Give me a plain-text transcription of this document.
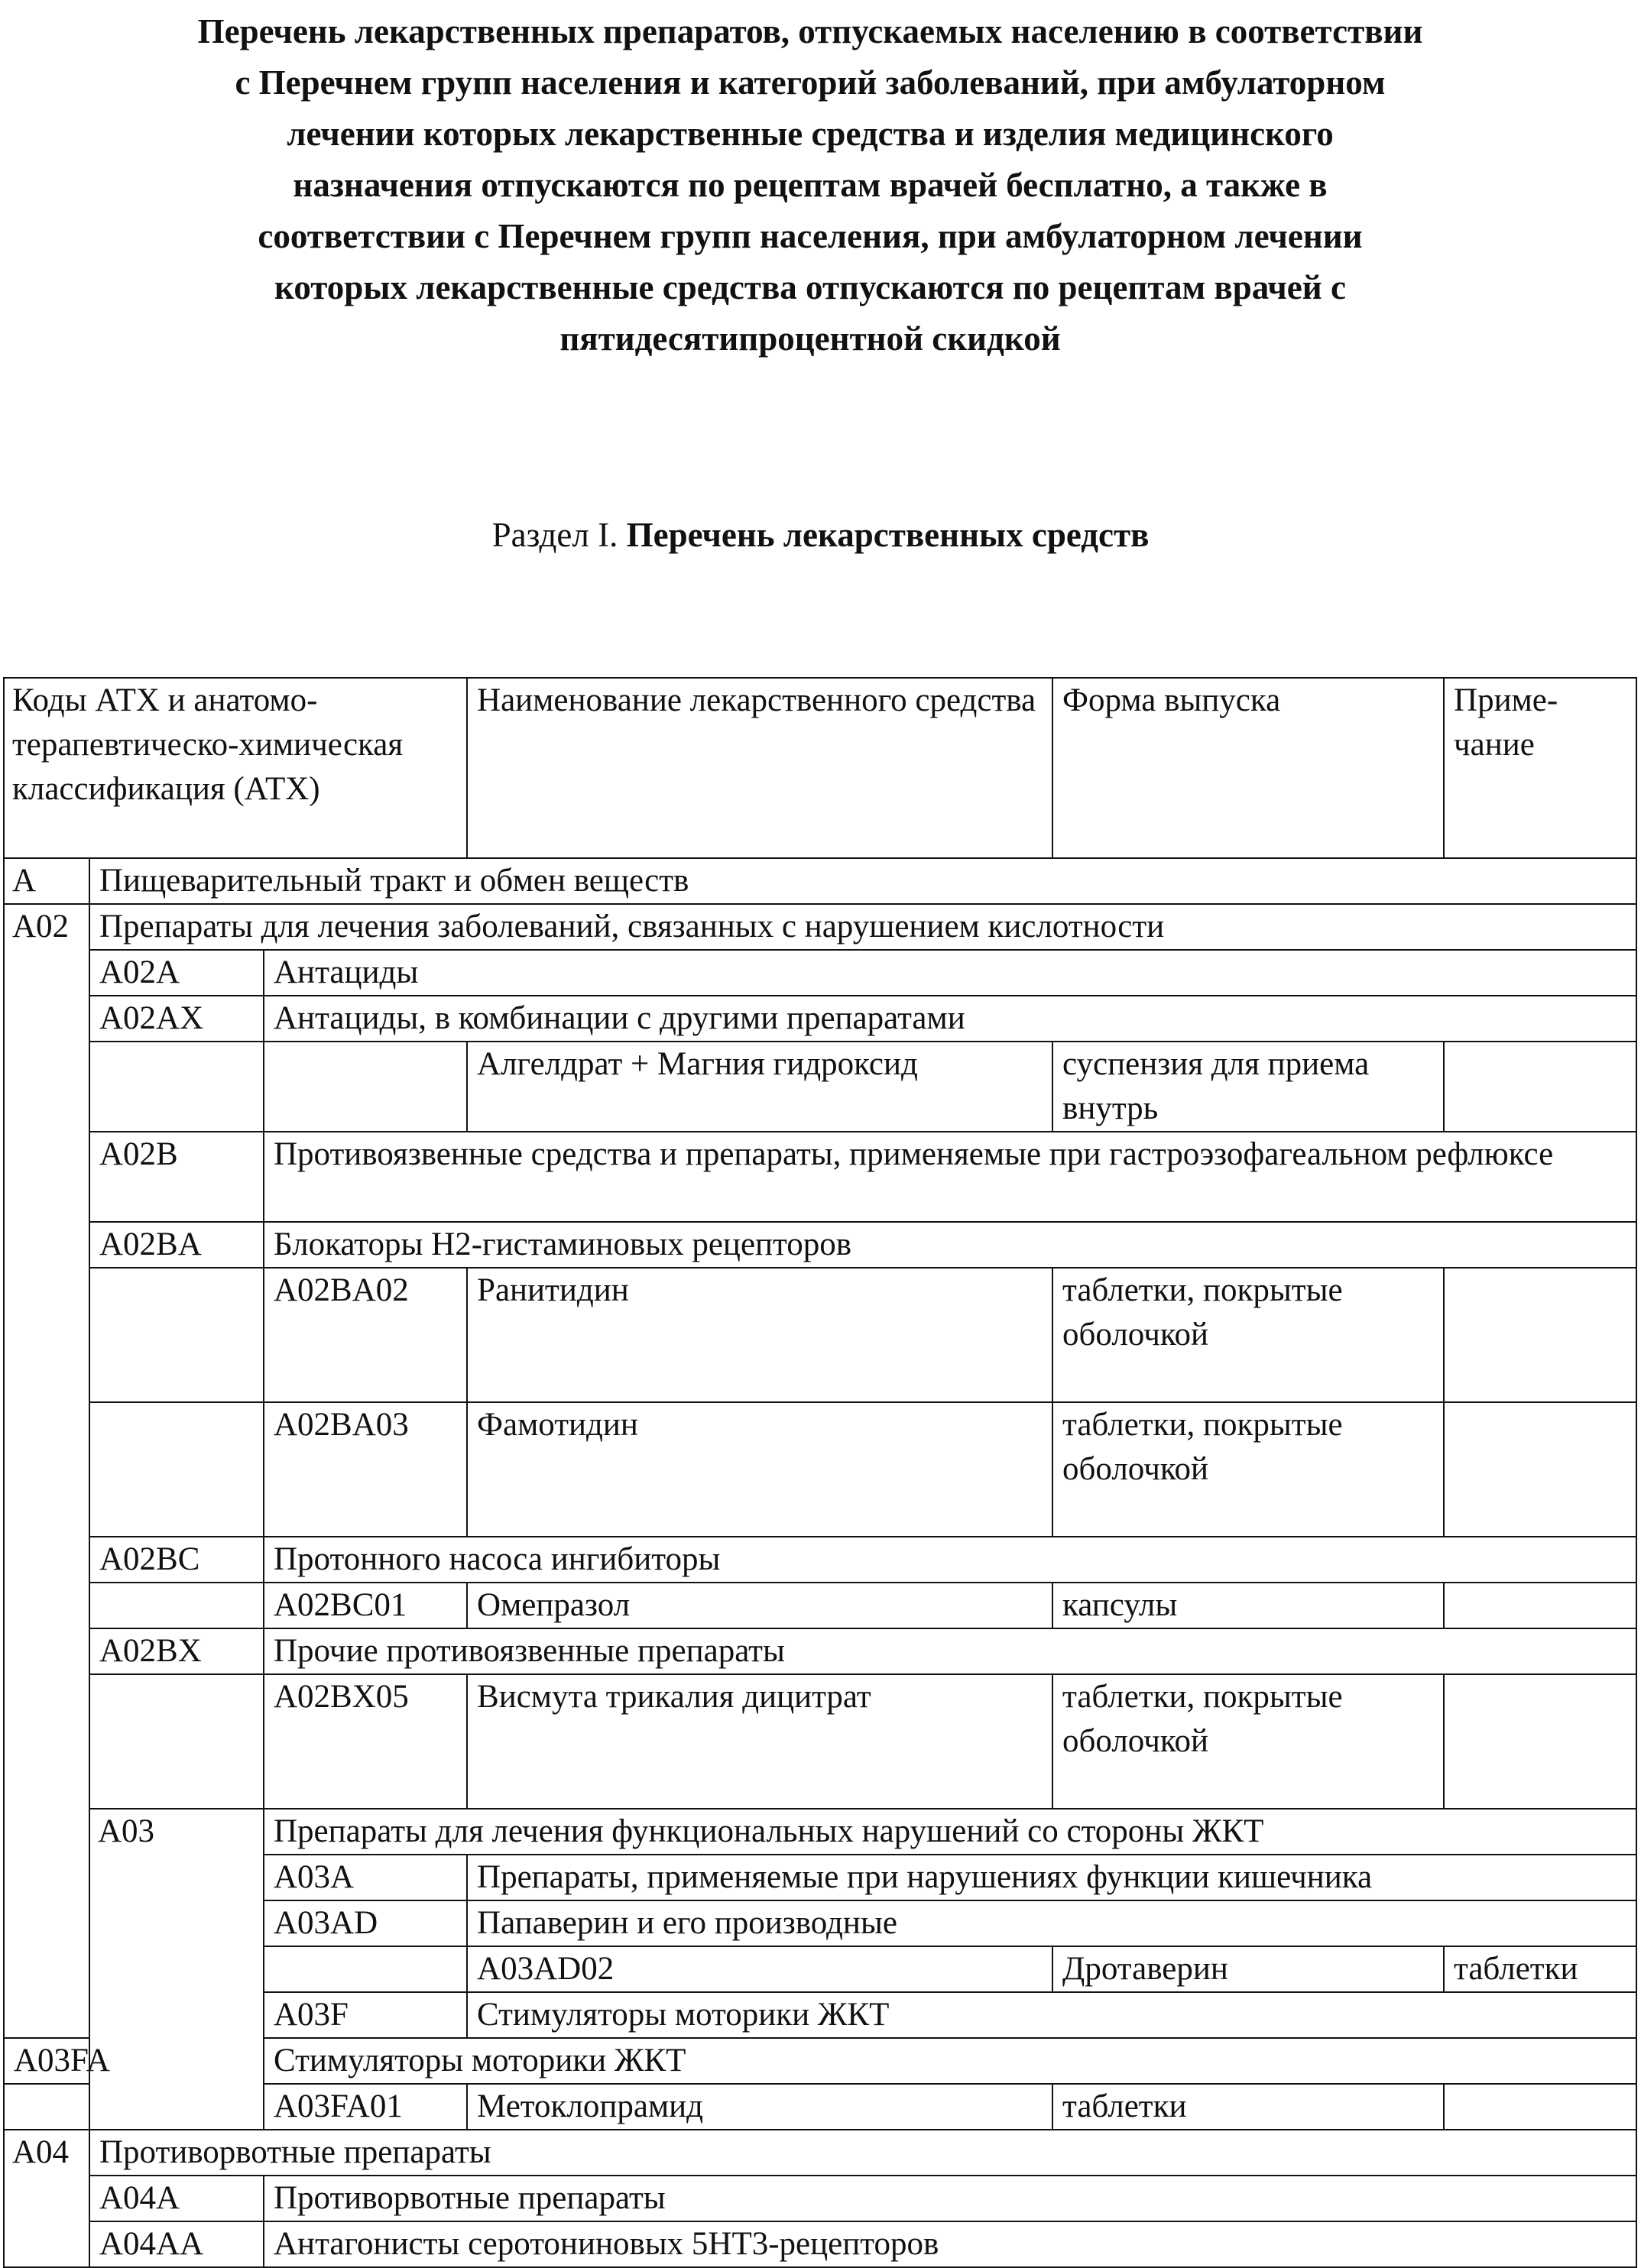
Перечень лекарственных препаратов, отпускаемых населению в соответствии
с Перечнем групп населения и категорий заболеваний, при амбулаторном
лечении которых лекарственные средства и изделия медицинского
назначения отпускаются по рецептам врачей бесплатно, а также в
соответствии с Перечнем групп населения, при амбулаторном лечении
которых лекарственные средства отпускаются по рецептам врачей с
пятидесятипроцентной скидкой
Раздел I. Перечень лекарственных средств
Коды АТХ и анатомо-терапевтическо-химическая классификация (АТХ)			Наименование лекарственного средства	Форма выпуска	Приме-чание	
A	Пищеварительный тракт и обмен веществ					
A02	Препараты для лечения заболеваний, связанных с нарушением кислотности					
	A02A	Антациды				
	A02AX	Антациды, в комбинации с другими препаратами				
			Алгелдрат + Магния гидроксид	суспензия для приема внутрь		
	A02B	Противоязвенные средства и препараты, применяемые при гастроэзофагеальном рефлюксе				
	A02BA	Блокаторы Н2-гистаминовых рецепторов				
		A02BA02	Ранитидин	таблетки, покрытые оболочкой		
		A02BA03	Фамотидин	таблетки, покрытые оболочкой		
	A02BC	Протонного насоса ингибиторы				
		A02BC01	Омепразол	капсулы		
	A02BX	Прочие противоязвенные препараты				
		A02BX05	Висмута трикалия дицитрат	таблетки, покрытые оболочкой		
	A03	Препараты для лечения функциональных нарушений со стороны ЖКТ				
		A03A	Препараты, применяемые при нарушениях функции кишечника			
		A03AD	Папаверин и его производные			
			A03AD02	Дротаверин	таблетки	
		A03F	Стимуляторы моторики ЖКТ			
A03FA		Стимуляторы моторики ЖКТ				
		A03FA01	Метоклопрамид	таблетки		
A04	Противорвотные препараты					
	A04A	Противорвотные препараты				
	A04AA	Антагонисты серотониновых 5HT3-рецепторов				
